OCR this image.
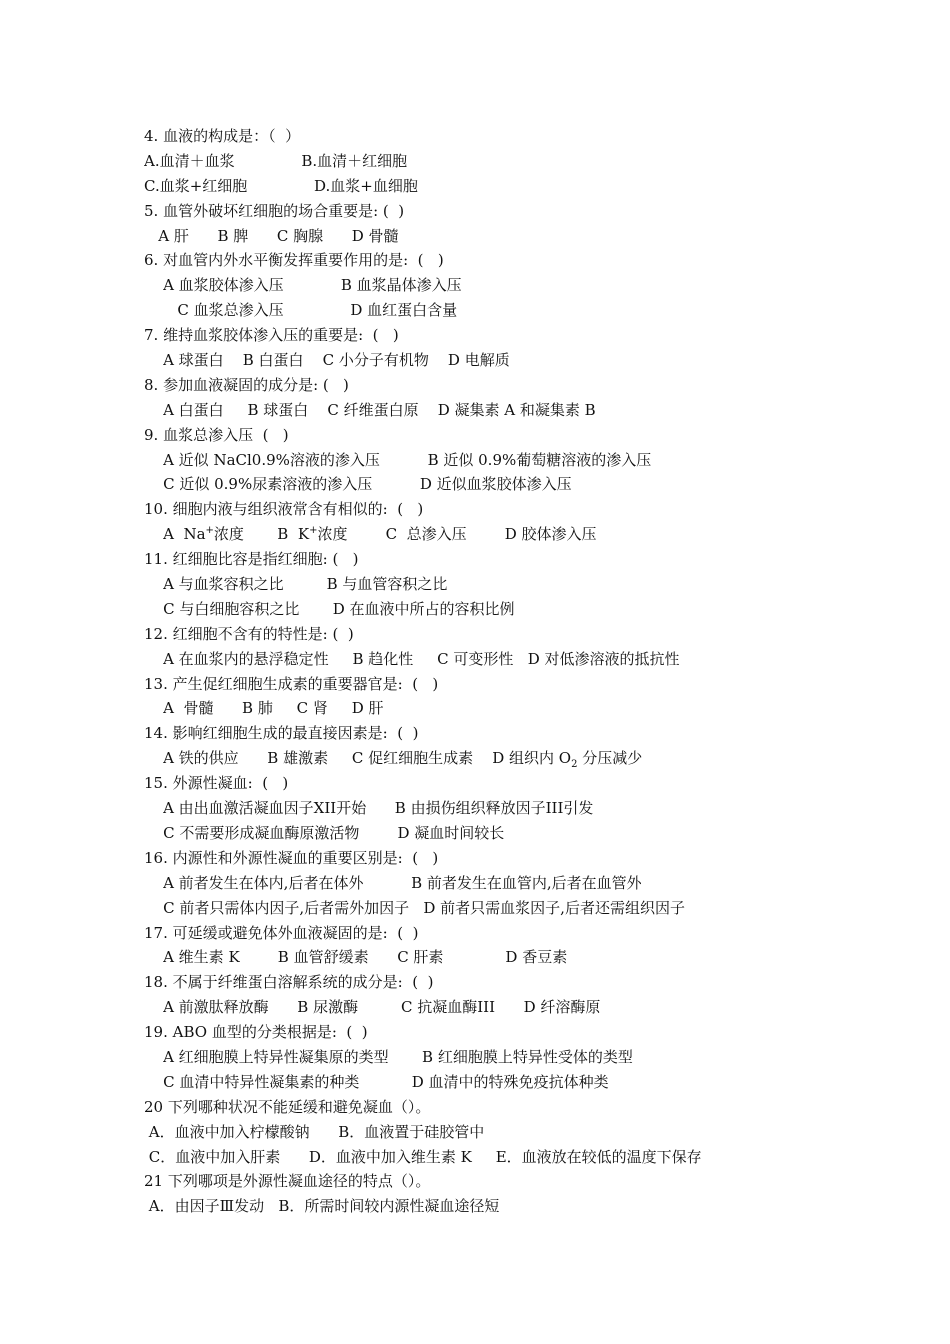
4. 血液的构成是：（  ）
A.血清＋血浆              B.血清＋红细胞
C.血浆+红细胞              D.血浆+血细胞
5. 血管外破坏红细胞的场合重要是: (  )
A 肝      B 脾      C 胸腺      D 骨髓
6. 对血管内外水平衡发挥重要作用的是:  (   )
A 血浆胶体渗入压            B 血浆晶体渗入压
C 血浆总渗入压              D 血红蛋白含量
7. 维持血浆胶体渗入压的重要是:  (   )
A 球蛋白    B 白蛋白    C 小分子有机物    D 电解质
8. 参加血液凝固的成分是: (   )
A 白蛋白     B 球蛋白    C 纤维蛋白原    D 凝集素 A 和凝集素 B
9. 血浆总渗入压  (   )
A 近似 NaCl0.9%溶液的渗入压          B 近似 0.9%葡萄糖溶液的渗入压
C 近似 0.9%尿素溶液的渗入压          D 近似血浆胶体渗入压
10. 细胞内液与组织液常含有相似的:  (   )
A  Na+浓度       B  K+浓度        C  总渗入压        D 胶体渗入压
11. 红细胞比容是指红细胞: (   )
A 与血浆容积之比         B 与血管容积之比
C 与白细胞容积之比       D 在血液中所占的容积比例
12. 红细胞不含有的特性是: (  )
A 在血浆内的悬浮稳定性     B 趋化性     C 可变形性   D 对低渗溶液的抵抗性
13. 产生促红细胞生成素的重要器官是:  (   )
A  骨髓      B 肺     C 肾     D 肝
14. 影响红细胞生成的最直接因素是:  (  )
A 铁的供应      B 雄激素     C 促红细胞生成素    D 组织内 $O_2$ 分压减少
15. 外源性凝血:  (   )
A 由出血激活凝血因子XII开始      B 由损伤组织释放因子III引发
C 不需要形成凝血酶原激活物        D 凝血时间较长
16. 内源性和外源性凝血的重要区别是:  (   )
A 前者发生在体内,后者在体外          B 前者发生在血管内,后者在血管外
C 前者只需体内因子,后者需外加因子   D 前者只需血浆因子,后者还需组织因子
17. 可延缓或避免体外血液凝固的是:  (  )
A 维生素 K        B 血管舒缓素      C 肝素             D 香豆素
18. 不属于纤维蛋白溶解系统的成分是:  (  )
A 前激肽释放酶      B 尿激酶         C 抗凝血酶III      D 纤溶酶原
19. ABO 血型的分类根据是:  (  )
A 红细胞膜上特异性凝集原的类型       B 红细胞膜上特异性受体的类型
C 血清中特异性凝集素的种类           D 血清中的特殊免疫抗体种类
20 下列哪种状况不能延缓和避免凝血（）。
A．血液中加入柠檬酸钠      B．血液置于硅胶管中
C．血液中加入肝素      D．血液中加入维生素 K     E．血液放在较低的温度下保存
21 下列哪项是外源性凝血途径的特点（）。
A．由因子Ⅲ发动   B．所需时间较内源性凝血途径短
